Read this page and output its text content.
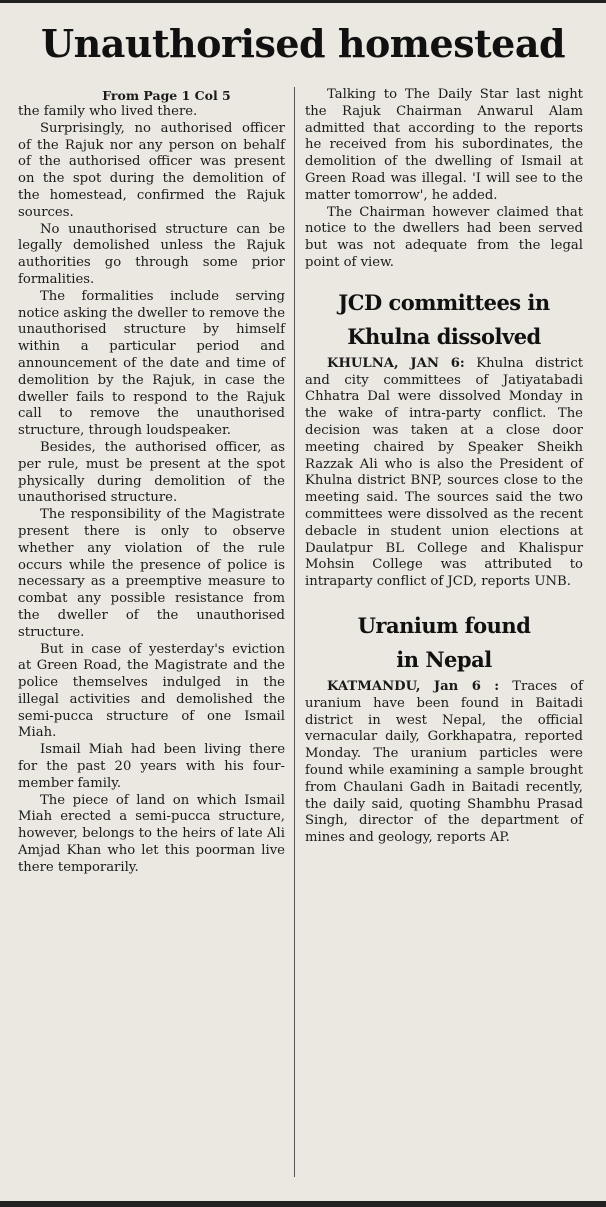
Unauthorised homestead
From Page 1 Col 5

the family who lived there.

Surprisingly, no authorised officer of the Rajuk nor any person on behalf of the authorised officer was present on the spot during the demolition of the homestead, confirmed the Rajuk sources.

No unauthorised structure can be legally demolished unless the Rajuk authorities go through some prior formalities.

The formalities include serving notice asking the dweller to remove the unauthorised structure by himself within a particular period and announcement of the date and time of demolition by the Rajuk, in case the dweller fails to respond to the Rajuk call to remove the unauthorised structure, through loudspeaker.

Besides, the authorised officer, as per rule, must be present at the spot physically during demolition of the unauthorised structure.

The responsibility of the Magistrate present there is only to observe whether any violation of the rule occurs while the presence of police is necessary as a preemptive measure to combat any possible resistance from the dweller of the unauthorised structure.

But in case of yesterday's eviction at Green Road, the Magistrate and the police themselves indulged in the illegal activities and demolished the semi-pucca structure of one Ismail Miah.

Ismail Miah had been living there for the past 20 years with his four-member family.

The piece of land on which Ismail Miah erected a semi-pucca structure, however, belongs to the heirs of late Ali Amjad Khan who let this poorman live there temporarily.

Talking to The Daily Star last night the Rajuk Chairman Anwarul Alam admitted that according to the reports he received from his subordinates, the demolition of the dwelling of Ismail at Green Road was illegal. 'I will see to the matter tomorrow', he added.

The Chairman however claimed that notice to the dwellers had been served but was not adequate from the legal point of view.

JCD committees in
Khulna dissolved

KHULNA, JAN 6: Khulna district and city committees of Jatiyatabadi Chhatra Dal were dissolved Monday in the wake of intra-party conflict. The decision was taken at a close door meeting chaired by Speaker Sheikh Razzak Ali who is also the President of Khulna district BNP, sources close to the meeting said. The sources said the two committees were dissolved as the recent debacle in student union elections at Daulatpur BL College and Khalispur Mohsin College was attributed to intraparty conflict of JCD, reports UNB.

Uranium found
in Nepal

KATMANDU, Jan 6 : Traces of uranium have been found in Baitadi district in west Nepal, the official vernacular daily, Gorkhapatra, reported Monday. The uranium particles were found while examining a sample brought from Chaulani Gadh in Baitadi recently, the daily said, quoting Shambhu Prasad Singh, director of the department of mines and geology, reports AP.
